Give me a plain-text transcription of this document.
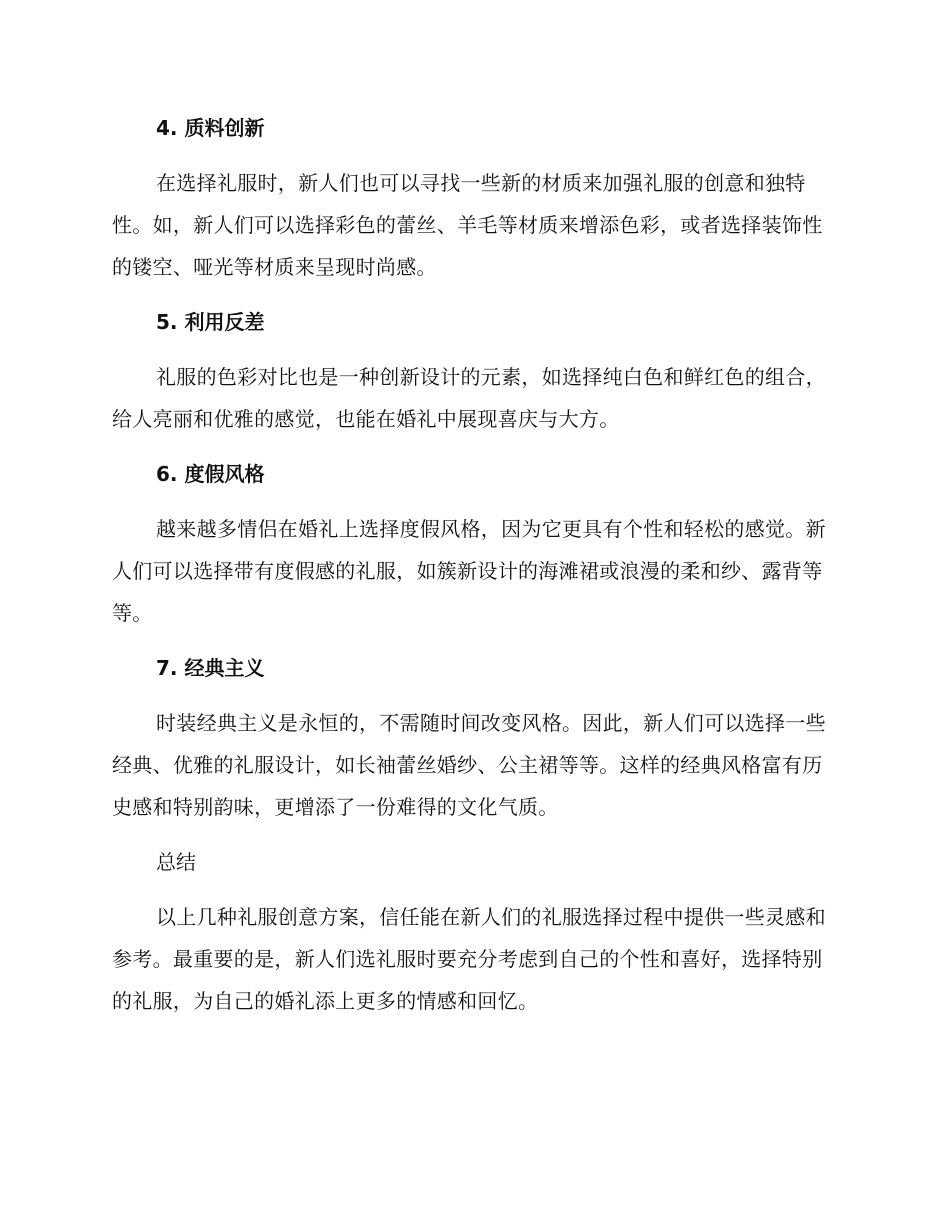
4. 质料创新

在选择礼服时，新人们也可以寻找一些新的材质来加强礼服的创意和独特性。如，新人们可以选择彩色的蕾丝、羊毛等材质来增添色彩，或者选择装饰性的镂空、哑光等材质来呈现时尚感。

5. 利用反差

礼服的色彩对比也是一种创新设计的元素，如选择纯白色和鲜红色的组合，给人亮丽和优雅的感觉，也能在婚礼中展现喜庆与大方。

6. 度假风格

越来越多情侣在婚礼上选择度假风格，因为它更具有个性和轻松的感觉。新人们可以选择带有度假感的礼服，如簇新设计的海滩裙或浪漫的柔和纱、露背等等。

7. 经典主义

时装经典主义是永恒的，不需随时间改变风格。因此，新人们可以选择一些经典、优雅的礼服设计，如长袖蕾丝婚纱、公主裙等等。这样的经典风格富有历史感和特别韵味，更增添了一份难得的文化气质。

总结

以上几种礼服创意方案，信任能在新人们的礼服选择过程中提供一些灵感和参考。最重要的是，新人们选礼服时要充分考虑到自己的个性和喜好，选择特别的礼服，为自己的婚礼添上更多的情感和回忆。
